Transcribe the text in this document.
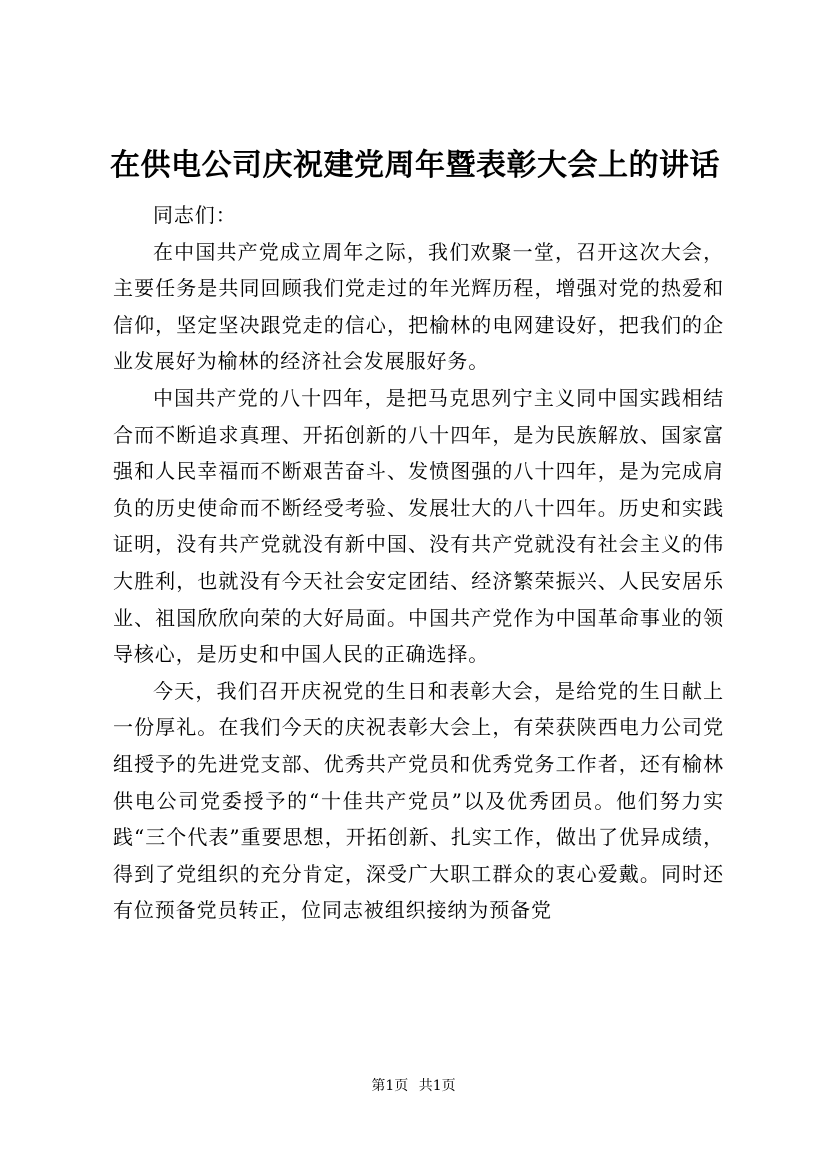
在供电公司庆祝建党周年暨表彰大会上的讲话

同志们：

在中国共产党成立周年之际，我们欢聚一堂，召开这次大会，主要任务是共同回顾我们党走过的年光辉历程，增强对党的热爱和信仰，坚定坚决跟党走的信心，把榆林的电网建设好，把我们的企业发展好为榆林的经济社会发展服好务。

中国共产党的八十四年，是把马克思列宁主义同中国实践相结合而不断追求真理、开拓创新的八十四年，是为民族解放、国家富强和人民幸福而不断艰苦奋斗、发愤图强的八十四年，是为完成肩负的历史使命而不断经受考验、发展壮大的八十四年。历史和实践证明，没有共产党就没有新中国、没有共产党就没有社会主义的伟大胜利，也就没有今天社会安定团结、经济繁荣振兴、人民安居乐业、祖国欣欣向荣的大好局面。中国共产党作为中国革命事业的领导核心，是历史和中国人民的正确选择。

今天，我们召开庆祝党的生日和表彰大会，是给党的生日献上一份厚礼。在我们今天的庆祝表彰大会上，有荣获陕西电力公司党组授予的先进党支部、优秀共产党员和优秀党务工作者，还有榆林供电公司党委授予的“十佳共产党员”以及优秀团员。他们努力实践“三个代表”重要思想，开拓创新、扎实工作，做出了优异成绩，得到了党组织的充分肯定，深受广大职工群众的衷心爱戴。同时还有位预备党员转正，位同志被组织接纳为预备党

第1页 共1页
